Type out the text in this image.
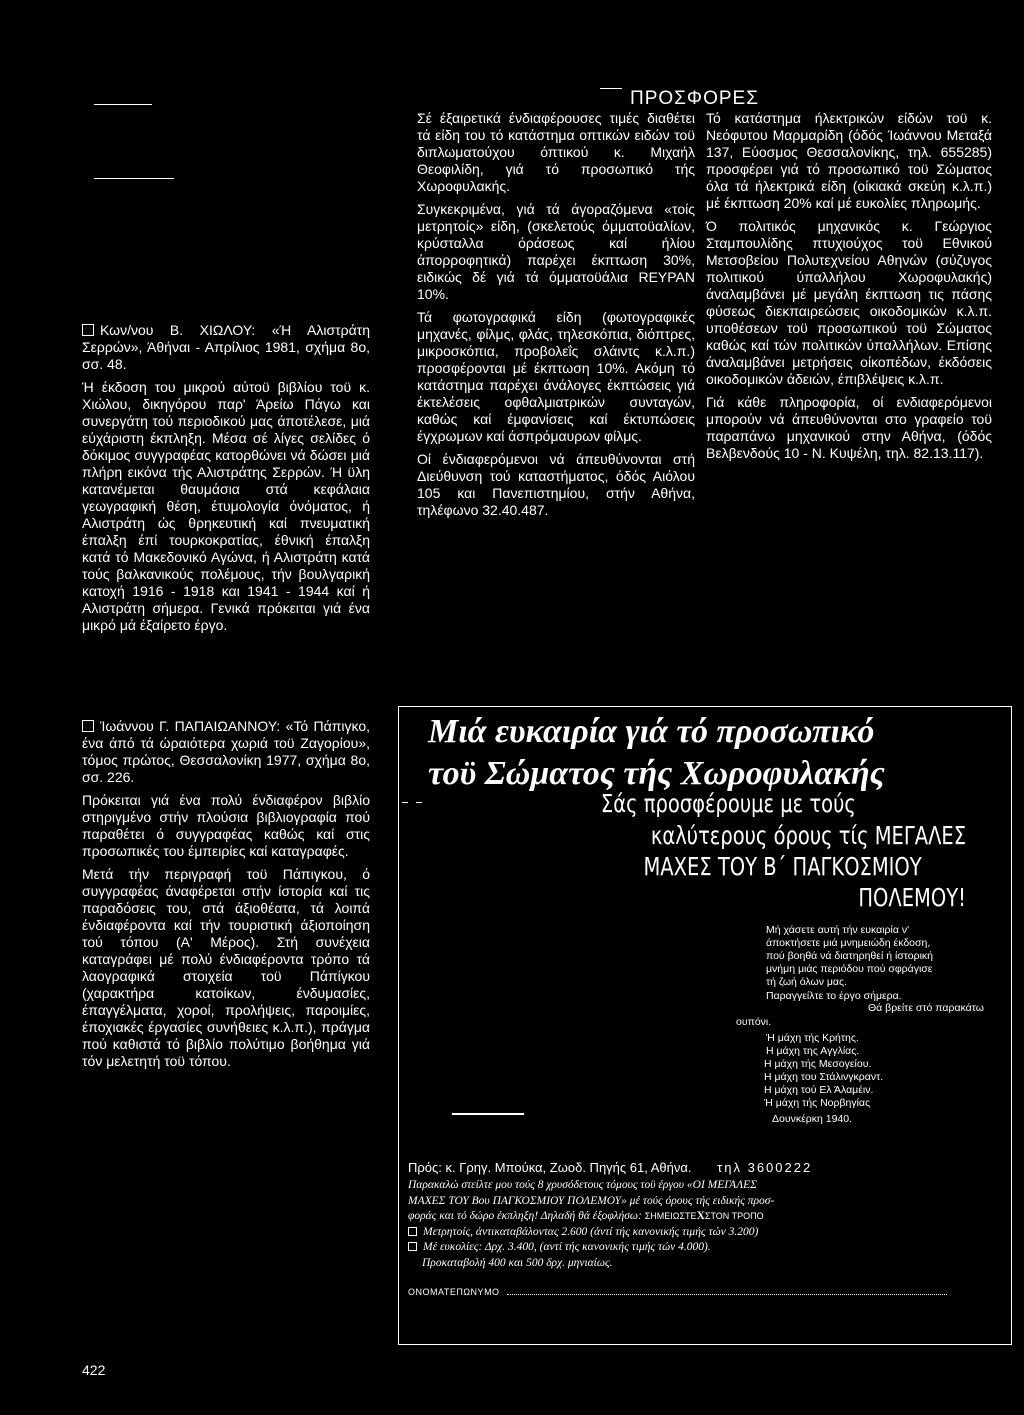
Κων/νου Β. ΧΙΩΛΟΥ: «Ή Αλιστράτη Σερρών», Άθήναι - Απρίλιος 1981, σχήμα 8ο, σσ. 48.

Ή έκδοση του μικρού αύτοϋ βιβλίου τοϋ κ. Χιώλου, δικηγόρου παρ' Άρείω Πάγω και συνεργάτη τού περιοδικού μας άποτέλεσε, μιά εύχάριστη έκπληξη. Μέσα σέ λίγες σελίδες ό δόκιμος συγγραφέας κατορθώνει νά δώσει μιά πλήρη εικόνα τής Αλιστράτης Σερρών. Ή ϋλη κατανέμεται θαυμάσια στά κεφάλαια γεωγραφική θέση, έτυμολογία όνόματος, ή Αλιστράτη ώς θρηκευτική καί πνευματική έπαλξη έπί τουρκοκρατίας, έθνική έπαλξη κατά τό Μακεδονικό Αγώνα, ή Αλιστράτη κατά τούς βαλκανικούς πολέμους, τήν βουλγαρική κατοχή 1916 - 1918 και 1941 - 1944 καί ή Αλιστράτη σήμερα. Γενικά πρόκειται γιά ένα μικρό μά έξαίρετο έργο.

Ίωάννου Γ. ΠΑΠΑΙΩΑΝΝΟΥ: «Τό Πάπιγκο, ένα άπό τά ώραιότερα χωριά τοϋ Ζαγορίου», τόμος πρώτος, Θεσσαλονίκη 1977, σχήμα 8ο, σσ. 226.

Πρόκειται γιά ένα πολύ ένδιαφέρον βιβλίο στηριγμένο στήν πλούσια βιβλιογραφία πού παραθέτει ό συγγραφέας καθώς καί στις προσωπικές του έμπειρίες καί καταγραφές.

Μετά τήν περιγραφή τοϋ Πάπιγκου, ό συγγραφέας άναφέρεται στήν ίστορία καί τις παραδόσεις του, στά άξιοθέατα, τά λοιπά ένδιαφέροντα καί τήν τουριστική άξιοποίηση τού τόπου (Α' Μέρος). Στή συνέχεια καταγράφει μέ πολύ ένδιαφέροντα τρόπο τά λαογραφικά στοιχεία τοϋ Πάπίγκου (χαρακτήρα κατοίκων, ένδυμασίες, έπαγγέλματα, χοροί, προλήψεις, παροιμίες, έποχιακές έργασίες συνήθειες κ.λ.π.), πράγμα πού καθιστά τό βιβλίο πολύτιμο βοήθημα γιά τόν μελετητή τοϋ τόπου.

ΠΡΟΣΦΟΡΕΣ

Σέ έξαιρετικά ένδιαφέρουσες τιμές διαθέτει τά είδη του τό κατάστημα οπτικών ειδών τοϋ διπλωματούχου όπτικού κ. Μιχαήλ Θεοφιλίδη, γιά τό προσωπικό τής Χωροφυλακής.

Συγκεκριμένα, γιά τά άγοραζόμενα «τοίς μετρητοίς» είδη, (σκελετούς όμματοϋαλίων, κρύσταλλα όράσεως καί ήλίου άπορροφητικά) παρέχει έκπτωση 30%, ειδικώς δέ γιά τά όμματοϋάλια REYPAN 10%.

Τά φωτογραφικά είδη (φωτογραφικές μηχανές, φίλμς, φλάς, τηλεσκόπια, διόπτρες, μικροσκόπια, προβολεΐς σλάιντς κ.λ.π.) προσφέρονται μέ έκπτωση 10%. Ακόμη τό κατάστημα παρέχει άνάλογες έκπτώσεις γιά έκτελέσεις οφθαλμιατρικών συνταγών, καθώς καί έμφανίσεις καί έκτυπώσεις έγχρωμων καί άσπρόμαυρων φίλμς.

Οί ένδιαφερόμενοι νά άπευθύνονται στή Διεύθυνση τού καταστήματος, όδός Αιόλου 105 και Πανεπιστημίου, στήν Αθήνα, τηλέφωνο 32.40.487.

Τό κατάστημα ήλεκτρικών είδών τοϋ κ. Νεόφυτου Μαρμαρίδη (όδός Ίωάννου Μεταξά 137, Εύοσμος Θεσσαλονίκης, τηλ. 655285) προσφέρει γιά τό προσωπικό τοϋ Σώματος όλα τά ήλεκτρικά είδη (οίκιακά σκεύη κ.λ.π.) μέ έκπτωση 20% καί μέ ευκολίες πληρωμής.

Ό πολιτικός μηχανικός κ. Γεώργιος Σταμπουλίδης πτυχιούχος τοϋ Εθνικού Μετσοβείου Πολυτεχνείου Αθηνών (σύζυγος πολιτικού ύπαλλήλου Χωροφυλακής) άναλαμβάνει μέ μεγάλη έκπτωση τις πάσης φύσεως διεκπαιρεώσεις οικοδομικών κ.λ.π. υποθέσεων τοϋ προσωπικού τοϋ Σώματος καθώς καί τών πολιτικών ύπαλλήλων. Επίσης άναλαμβάνει μετρήσεις οίκοπέδων, έκδόσεις οικοδομικών άδειών, έπιβλέψεις κ.λ.π.

Γιά κάθε πληροφορία, οί ενδιαφερόμενοι μπορούν νά άπευθύνονται στο γραφείο τοϋ παραπάνω μηχανικού στην Αθήνα, (όδός Βελβενδούς 10 - Ν. Κυψέλη, τηλ. 82.13.117).

Μιά ευκαιρία γιά τό προσωπικό
τοϋ Σώματος τής Χωροφυλακής
Σάς προσφέρουμε με τούς
καλύτερους όρους τίς ΜΕΓΑΛΕΣ
ΜΑΧΕΣ ΤΟΥ Β΄ ΠΑΓΚΟΣΜΙΟΥ
ΠΟΛΕΜΟΥ!
Μή χάσετε αυτή τήν ευκαιρία ν'
άποκτήσετε μιά μνημειώδη έκδοση,
πού βοηθά νά διατηρηθεί ή ίστορική
μνήμη μιάς περιόδου πού σφράγισε
τή ζωή όλων μας.
Παραγγείλτε το έργο σήμερα.
Θά βρείτε στό παρακάτω
ουπόνι.
Ή μάχη τής Κρήτης.
Η μάχη της Αγγλίας.
Η μάχη τής Μεσογείου.
Η μάχη του Στάλινγκραντ.
Η μάχη τού Ελ Άλαμέιν.
Ή μάχη τής Νορβηγίας
Δουνκέρκη 1940.
Πρός: κ. Γρηγ. Μπούκα, Ζωοδ. Πηγής 61, Αθήνα. τηλ 3600222
Παρακαλώ στείλτε μου τούς 8 χρυσόδετους τόμους τοϋ έργου «ΟΙ ΜΕΓΑΛΕΣ
ΜΑΧΕΣ ΤΟΥ Βου ΠΑΓΚΟΣΜΙΟΥ ΠΟΛΕΜΟΥ» μέ τούς όρους τής ειδικής προσ-
φοράς και τό δώρο έκπληξη! Δηλαδή θά έξοφλήσω: ΣΗΜΕΙΩΣΤΕXΣΤΟΝ ΤΡΟΠΟ
Μετρητοίς, άντικαταβάλοντας 2.600 (άντί τής κανονικής τιμής τών 3.200)
Μέ ευκολίες: Δρχ. 3.400, (αντί τής κανονικής τιμής τών 4.000).
Προκαταβολή 400 και 500 δρχ. μηνιαίως.
ΟΝΟΜΑΤΕΠΩΝΥΜΟ
422
